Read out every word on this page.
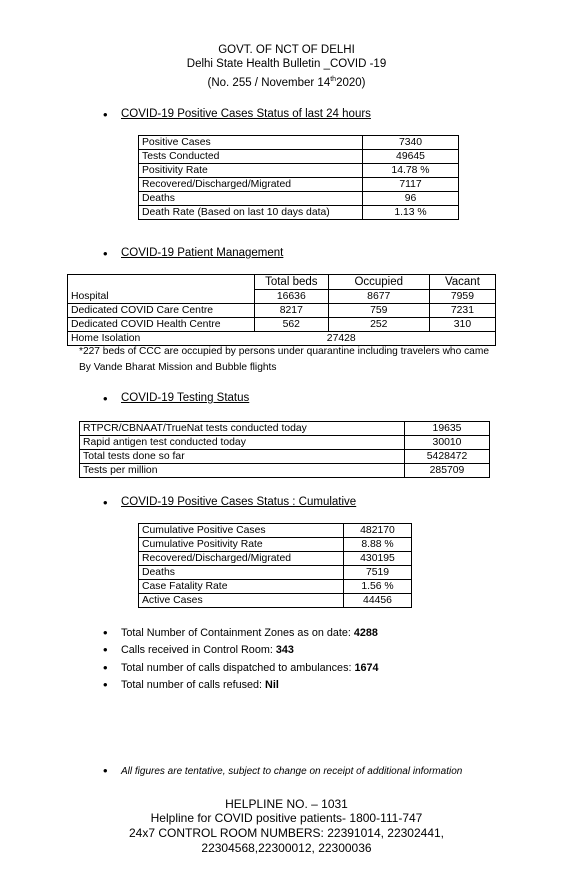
GOVT. OF NCT OF DELHI
Delhi State Health Bulletin _COVID -19
(No. 255 / November 14th2020)
• COVID-19 Positive Cases Status of last 24 hours
Positive Cases	7340
Tests Conducted	49645
Positivity Rate	14.78 %
Recovered/Discharged/Migrated	7117
Deaths	96
Death Rate (Based on last 10 days data)	1.13 %
• COVID-19 Patient Management
	Total beds	Occupied	Vacant
Hospital	16636	8677	7959
Dedicated COVID Care Centre	8217	759	7231
Dedicated COVID Health Centre	562	252	310
Home Isolation	27428		
*227 beds of CCC are occupied by persons under quarantine including travelers who came
By Vande Bharat Mission and Bubble flights
• COVID-19 Testing Status
RTPCR/CBNAAT/TrueNat tests conducted today	19635
Rapid antigen test conducted today	30010
Total tests done so far	5428472
Tests per million	285709
• COVID-19 Positive Cases Status : Cumulative
Cumulative Positive Cases	482170
Cumulative Positivity Rate	8.88 %
Recovered/Discharged/Migrated	430195
Deaths	7519
Case Fatality Rate	1.56 %
Active Cases	44456
• Total Number of Containment Zones as on date: 4288
• Calls received in Control Room: 343
• Total number of calls dispatched to ambulances: 1674
• Total number of calls refused: Nil
• All figures are tentative, subject to change on receipt of additional information
HELPLINE NO. – 1031
Helpline for COVID positive patients- 1800-111-747
24x7 CONTROL ROOM NUMBERS: 22391014, 22302441,
22304568,22300012, 22300036
